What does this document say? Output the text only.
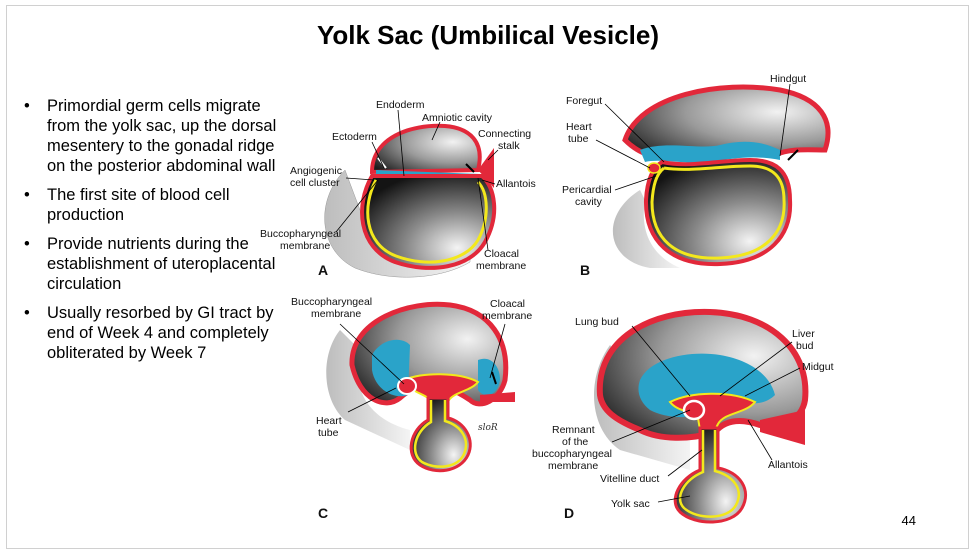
Yolk Sac (Umbilical Vesicle)
• Primordial germ cells migrate from the yolk sac, up the dorsal mesentery to the gonadal ridge on the posterior abdominal wall
• The first site of blood cell production
• Provide nutrients during the establishment of uteroplacental circulation
• Usually resorbed by GI tract by end of Week 4 and completely obliterated by Week 7
Endoderm
Amniotic cavity
Ectoderm	Connecting
stalk
Angiogenic
cell cluster	Allantois
Buccopharyngeal
membrane
Cloacal
membrane
A
Hindgut
Foregut
Heart
tube
Pericardial
cavity
B
Buccopharyngeal
membrane
Cloacal
membrane
Heart
tube	sloR
C
Lung bud
Liver
bud
Midgut
Remnant
of the
buccopharyngeal
membrane	Allantois
Vitelline duct
Yolk sac
D	44
